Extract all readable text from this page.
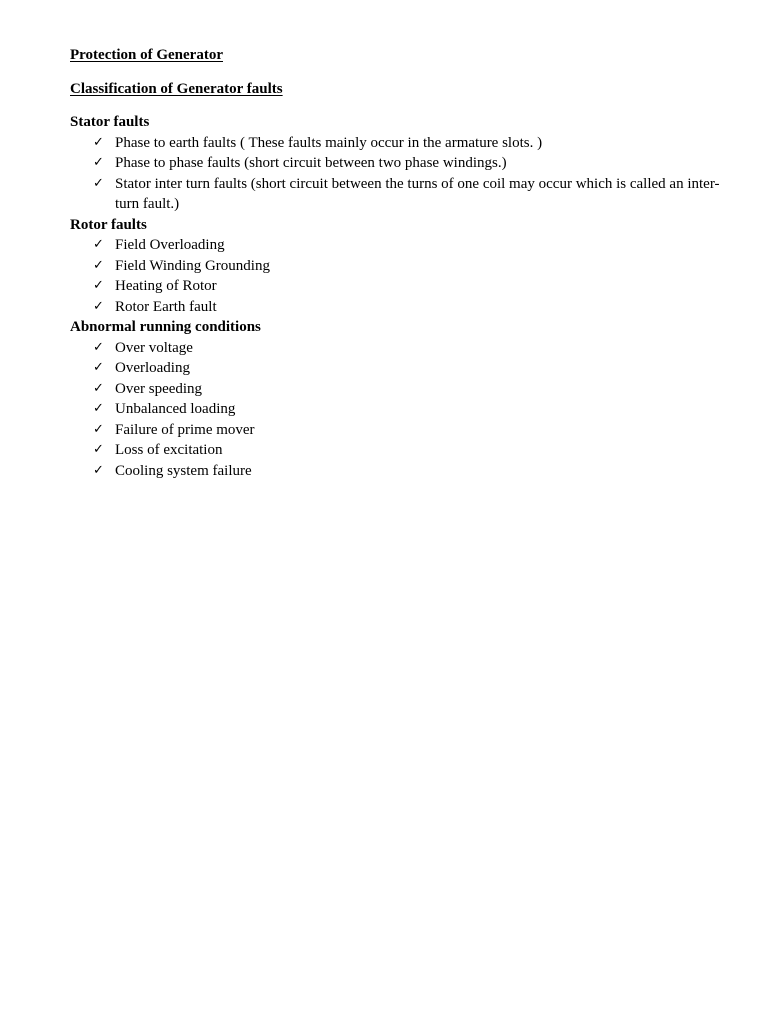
Protection of Generator
Classification of Generator faults
Stator faults
✓ Phase to earth faults ( These faults mainly occur in the armature slots. )
✓ Phase to phase faults (short circuit between two phase windings.)
✓ Stator inter turn faults (short circuit between the turns of one coil may occur which is called an inter-turn fault.)
Rotor faults
✓ Field Overloading
✓ Field Winding Grounding
✓ Heating of Rotor
✓ Rotor Earth fault
Abnormal running conditions
✓ Over voltage
✓ Overloading
✓ Over speeding
✓ Unbalanced loading
✓ Failure of prime mover
✓ Loss of excitation
✓ Cooling system failure
